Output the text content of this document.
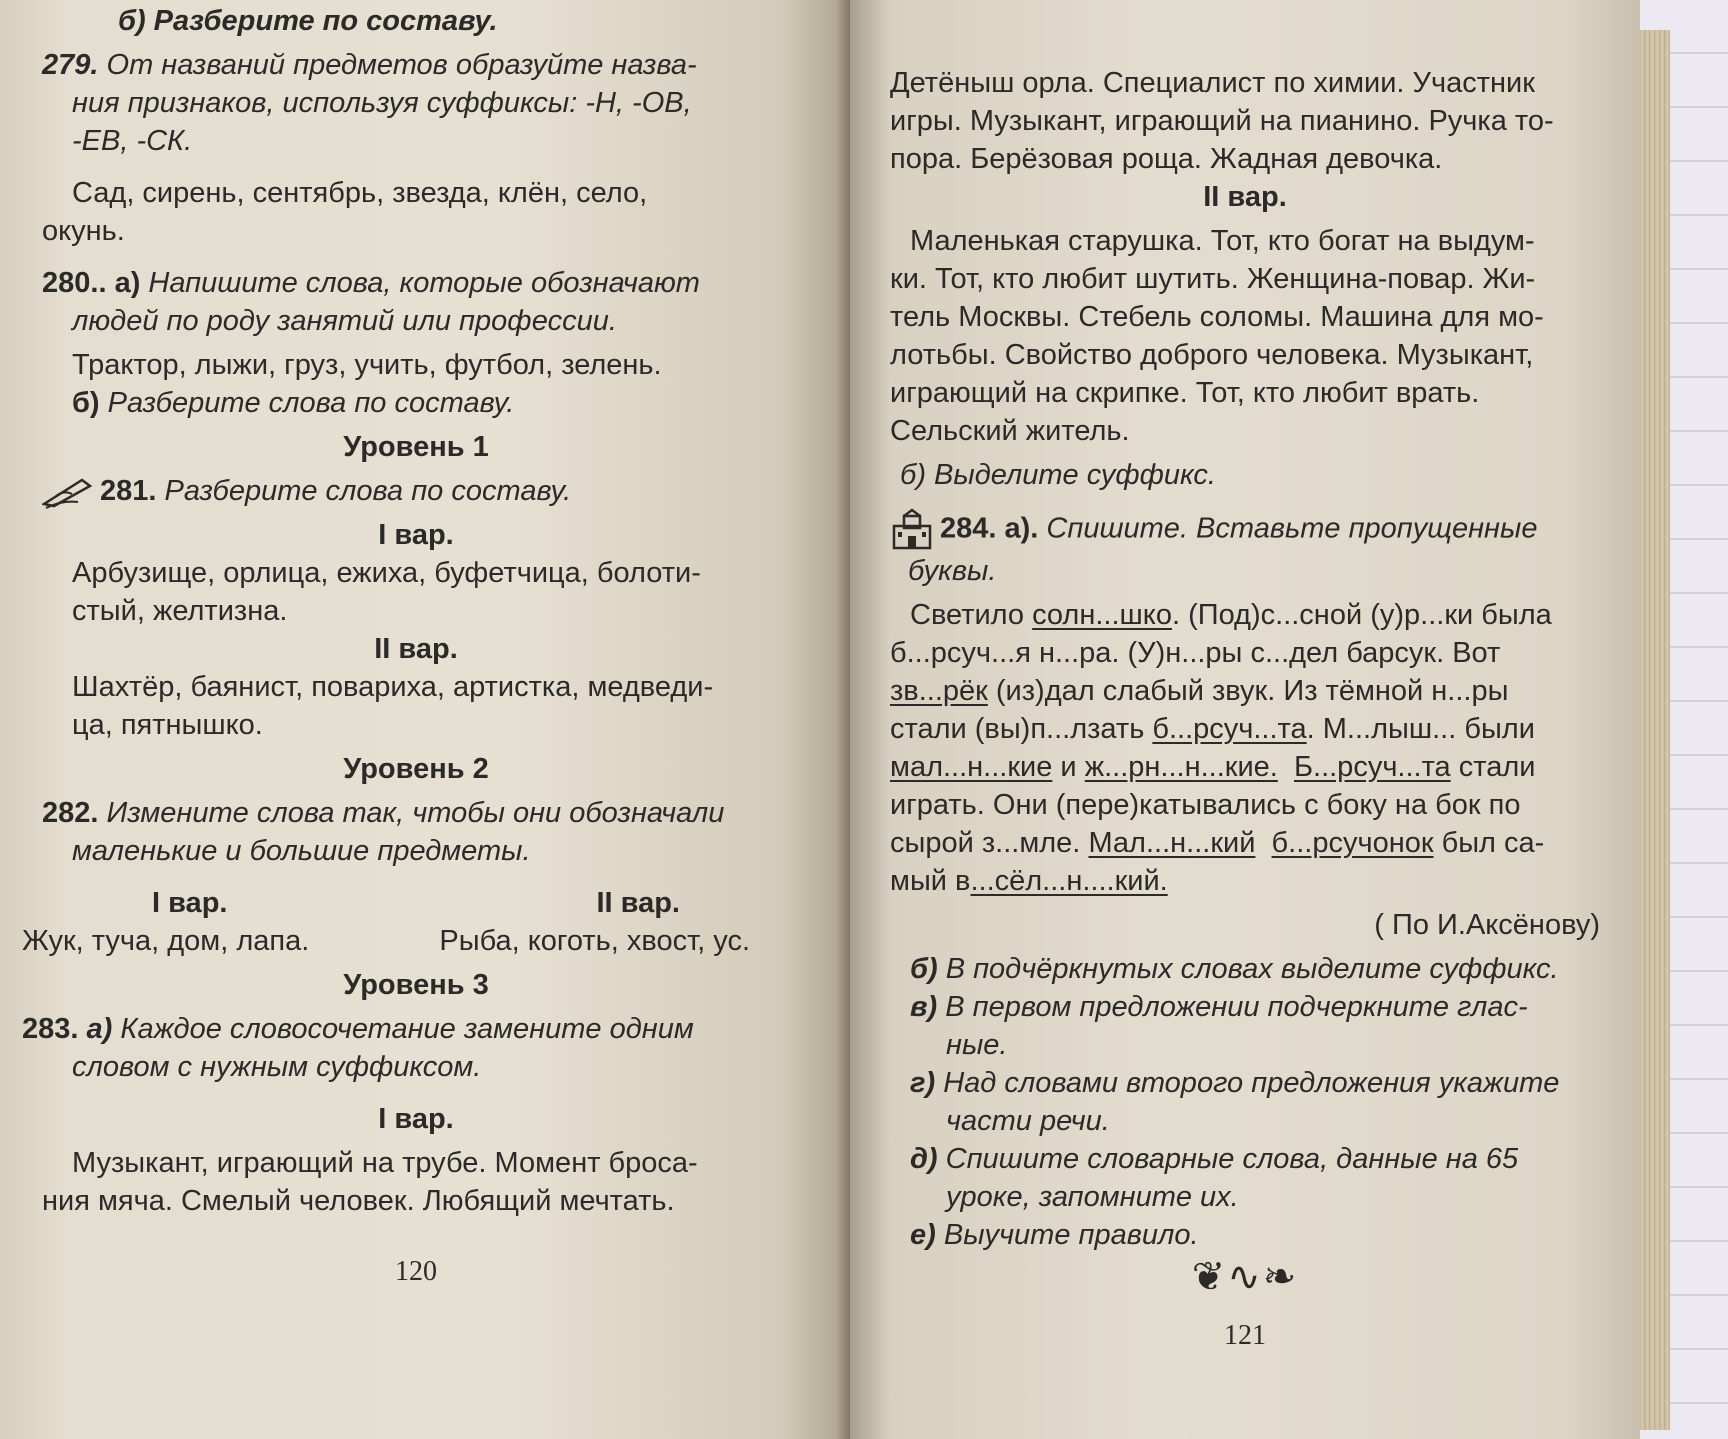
б) Разберите по составу.

279. От названий предметов образуйте назва-

ния признаков, используя суффиксы: -Н, -ОВ,

-ЕВ, -СК.

Сад, сирень, сентябрь, звезда, клён, село,

окунь.

280.. а) Напишите слова, которые обозначают

людей по роду занятий или профессии.

Трактор, лыжи, груз, учить, футбол, зелень.

б) Разберите слова по составу.

Уровень 1

281. Разберите слова по составу.

I вар.

Арбузище, орлица, ежиха, буфетчица, болоти-

стый, желтизна.

II вар.

Шахтёр, баянист, повариха, артистка, медведи-

ца, пятнышко.

Уровень 2

282. Измените слова так, чтобы они обозначали

маленькие и большие предметы.

I вар.	II вар.

Жук, туча, дом, лапа.	Рыба, коготь, хвост, ус.

Уровень 3

283. а) Каждое словосочетание замените одним

словом с нужным суффиксом.

I вар.

Музыкант, играющий на трубе. Момент броса-

ния мяча. Смелый человек. Любящий мечтать.

120

Детёныш орла. Специалист по химии. Участник

игры. Музыкант, играющий на пианино. Ручка то-

пора. Берёзовая роща. Жадная девочка.

II вар.

Маленькая старушка. Тот, кто богат на выдум-

ки. Тот, кто любит шутить. Женщина-повар. Жи-

тель Москвы. Стебель соломы. Машина для мо-

лотьбы. Свойство доброго человека. Музыкант,

играющий на скрипке. Тот, кто любит врать.

Сельский житель.

б) Выделите суффикс.

284. а). Спишите. Вставьте пропущенные

буквы.

Светило солн...шко. (Под)с...сной (у)р...ки была

б...рсуч...я н...ра. (У)н...ры с...дел барсук. Вот

зв...рёк (из)дал слабый звук. Из тёмной н...ры

стали (вы)п...лзать б...рсуч...та. М...лыш... были

мал...н...кие и ж...рн...н...кие. Б...рсуч...та стали

играть. Они (пере)катывались с боку на бок по

сырой з...мле. Мал...н...кий б...рсучонок был са-

мый в...сёл...н....кий.

( По И.Аксёнову)

б) В подчёркнутых словах выделите суффикс.

в) В первом предложении подчеркните глас-

ные.

г) Над словами второго предложения укажите

части речи.

д) Спишите словарные слова, данные на 65

уроке, запомните их.

е) Выучите правило.

❦∿❧

121
